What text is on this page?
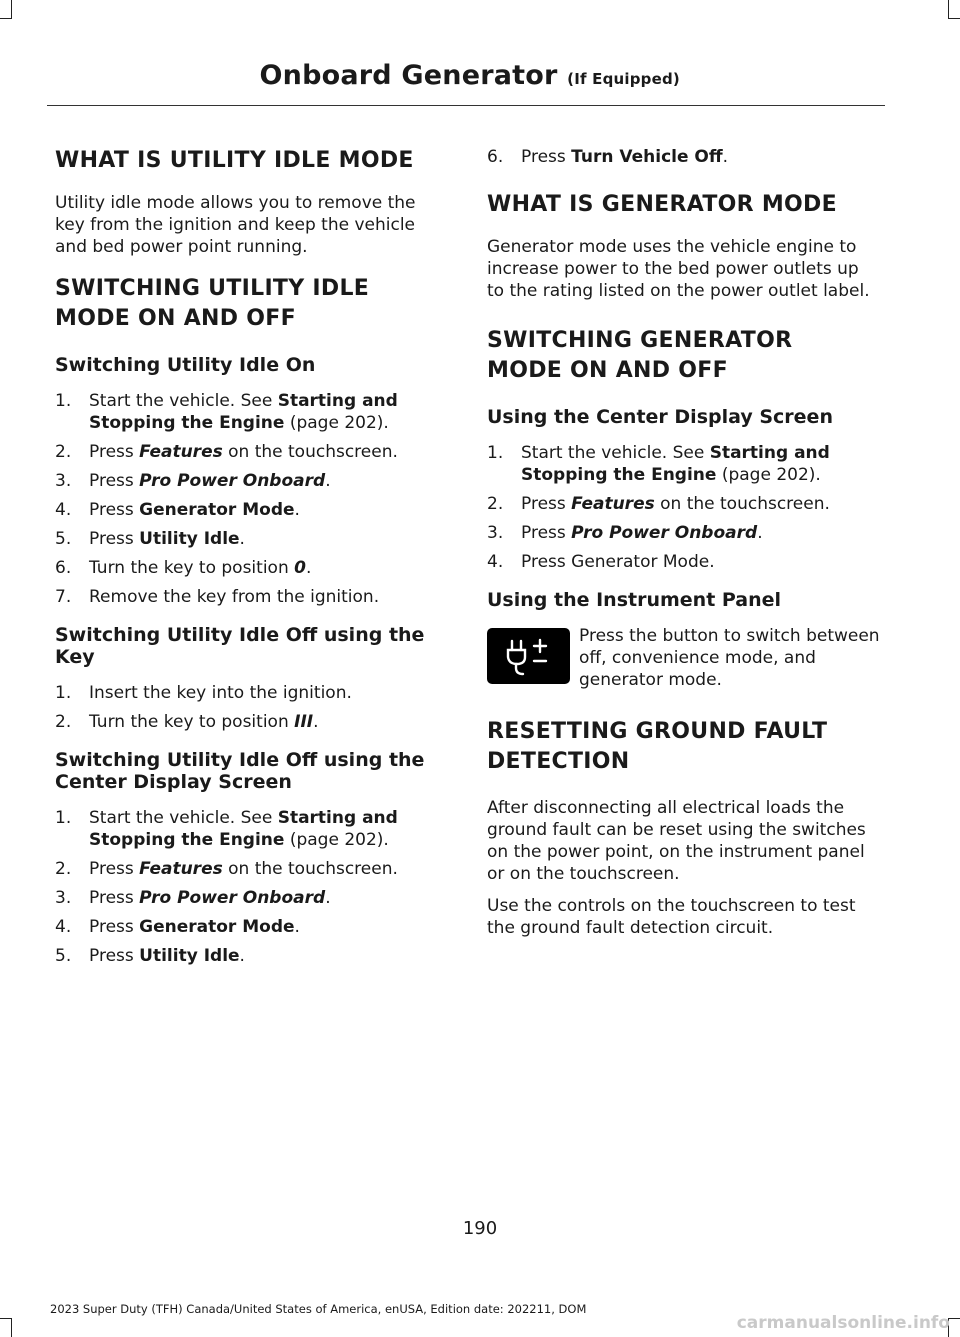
Onboard Generator (If Equipped)
WHAT IS UTILITY IDLE MODE

Utility idle mode allows you to remove the key from the ignition and keep the vehicle and bed power point running.

SWITCHING UTILITY IDLE
MODE ON AND OFF
Switching Utility Idle On
1. Start the vehicle. See Starting and Stopping the Engine (page 202).
2. Press Features on the touchscreen.
3. Press Pro Power Onboard.
4. Press Generator Mode.
5. Press Utility Idle.
6. Turn the key to position 0.
7. Remove the key from the ignition.
Switching Utility Idle Off using the Key
1. Insert the key into the ignition.
2. Turn the key to position III.
Switching Utility Idle Off using the Center Display Screen
1. Start the vehicle. See Starting and Stopping the Engine (page 202).
2. Press Features on the touchscreen.
3. Press Pro Power Onboard.
4. Press Generator Mode.
5. Press Utility Idle.
6. Press Turn Vehicle Off.
WHAT IS GENERATOR MODE

Generator mode uses the vehicle engine to increase power to the bed power outlets up to the rating listed on the power outlet label.

SWITCHING GENERATOR
MODE ON AND OFF
Using the Center Display Screen
1. Start the vehicle. See Starting and Stopping the Engine (page 202).
2. Press Features on the touchscreen.
3. Press Pro Power Onboard.
4. Press Generator Mode.
Using the Instrument Panel

Press the button to switch between off, convenience mode, and generator mode.

RESETTING GROUND FAULT
DETECTION

After disconnecting all electrical loads the ground fault can be reset using the switches on the power point, on the instrument panel or on the touchscreen.

Use the controls on the touchscreen to test the ground fault detection circuit.

190
2023 Super Duty (TFH) Canada/United States of America, enUSA, Edition date: 202211, DOM
carmanualsonline.info
